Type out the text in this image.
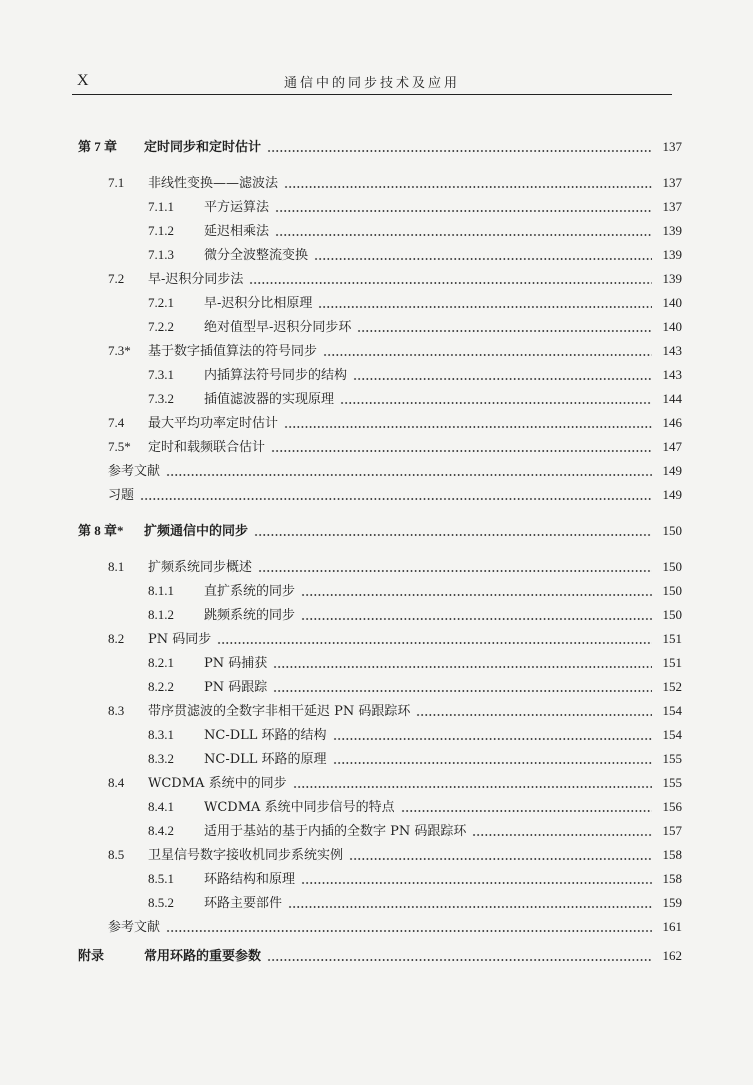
X	通信中的同步技术及应用
第 7 章	定时同步和定时估计	137
7.1	非线性变换——滤波法	137
7.1.1	平方运算法	137
7.1.2	延迟相乘法	139
7.1.3	微分全波整流变换	139
7.2	早-迟积分同步法	139
7.2.1	早-迟积分比相原理	140
7.2.2	绝对值型早-迟积分同步环	140
7.3*	基于数字插值算法的符号同步	143
7.3.1	内插算法符号同步的结构	143
7.3.2	插值滤波器的实现原理	144
7.4	最大平均功率定时估计	146
7.5*	定时和载频联合估计	147
参考文献	149
习题	149
第 8 章*	扩频通信中的同步	150
8.1	扩频系统同步概述	150
8.1.1	直扩系统的同步	150
8.1.2	跳频系统的同步	150
8.2	PN 码同步	151
8.2.1	PN 码捕获	151
8.2.2	PN 码跟踪	152
8.3	带序贯滤波的全数字非相干延迟 PN 码跟踪环	154
8.3.1	NC-DLL 环路的结构	154
8.3.2	NC-DLL 环路的原理	155
8.4	WCDMA 系统中的同步	155
8.4.1	WCDMA 系统中同步信号的特点	156
8.4.2	适用于基站的基于内插的全数字 PN 码跟踪环	157
8.5	卫星信号数字接收机同步系统实例	158
8.5.1	环路结构和原理	158
8.5.2	环路主要部件	159
参考文献	161
附录	常用环路的重要参数	162
